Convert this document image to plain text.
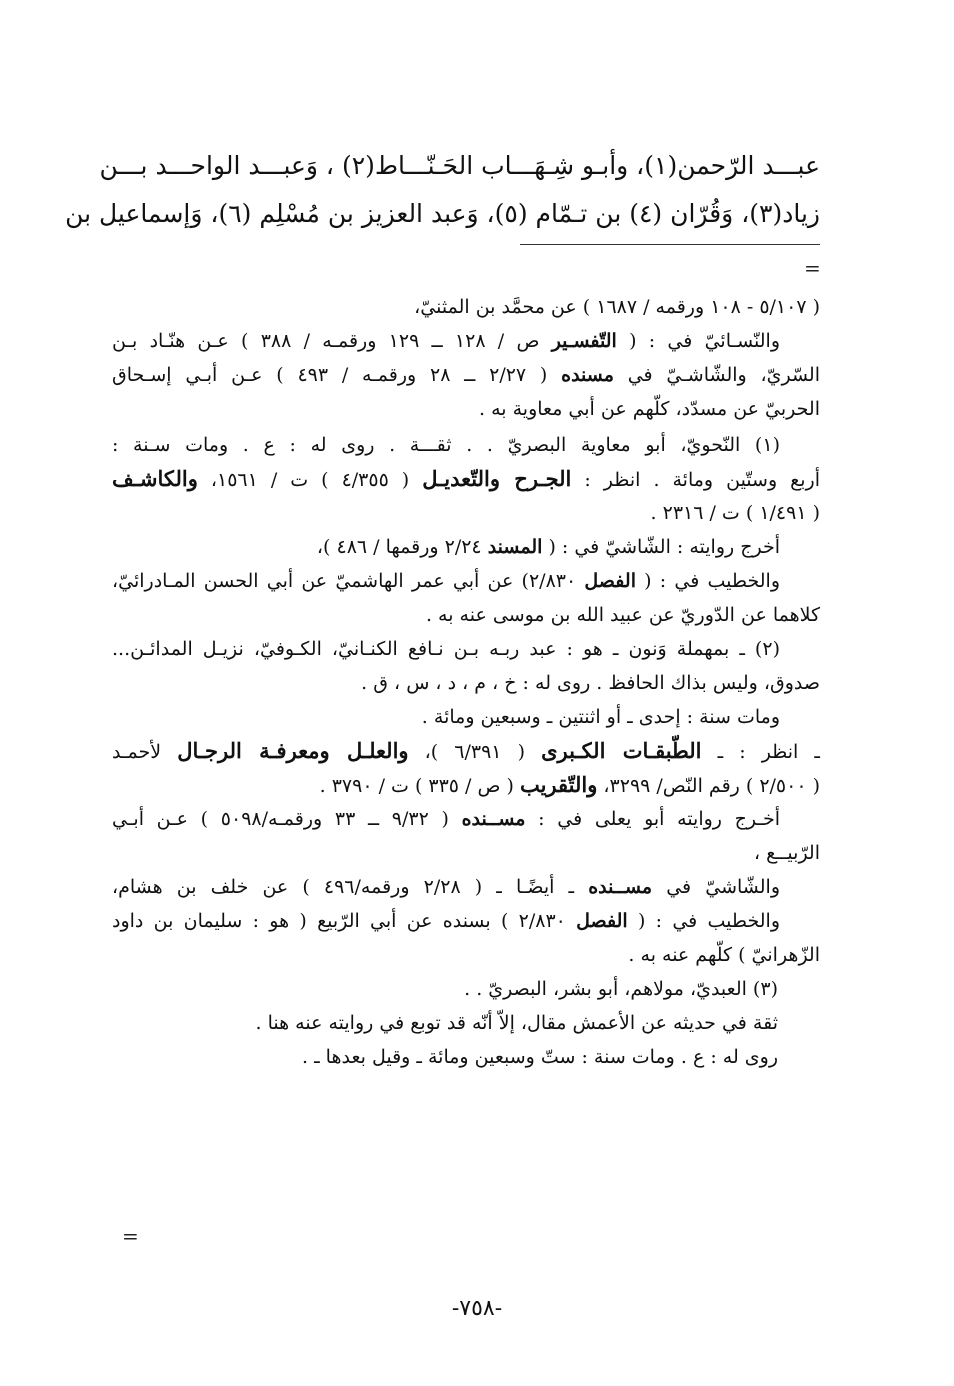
عبـــد الرّحمن(١)، وأبـو شِـهَـــاب الحَـنّـــاط(٢) ، وَعبـــد الواحـــد بـــن
زياد(٣)، وَقُرّان (٤) بن تـمّام (٥)، وَعبد العزيز بن مُسْلِم (٦)، وَإسماعيل بن
=
( ٥/١٠٧ - ١٠٨ ورقمه / ١٦٨٧ ) عن محمَّد بن المثنيّ،
والنّسـائيّ في : ( التّفسـير ص / ١٢٨ ــ ١٢٩ ورقمـه / ٣٨٨ ) عـن هنّـاد بـن
السّريّ، والشّاشـيّ في مسنده ( ٢/٢٧ ــ ٢٨ ورقمـه / ٤٩٣ ) عـن أبـي إسـحاق
الحربيّ عن مسدّد، كلّهم عن أبي معاوية به .
(١) النّحويّ، أبو معاوية البصريّ . . ثقـــة . روى له : ع . ومات سـنة :
أربع وستّين ومائة . انظر : الجـرح والتّعديـل ( ٤/٣٥٥ ) ت / ١٥٦١، والكاشـف
( ١/٤٩١ ) ت / ٢٣١٦ .
أخرج روايته : الشّاشيّ في : ( المسند ٢/٢٤ ورقمها / ٤٨٦ )،
والخطيب في : ( الفصل ٢/٨٣٠) عن أبي عمر الهاشميّ عن أبي الحسن المـادرائيّ،
كلاهما عن الدّوريّ عن عبيد الله بن موسى عنه به .
(٢) ـ بمهملة وَنون ـ هو : عبد ربـه بـن نـافع الكنـانيّ، الكـوفيّ، نزيـل المدائـن...
صدوق، وليس بذاك الحافظ . روى له : خ ، م ، د ، س ، ق .
ومات سنة : إحدى ـ أو اثنتين ـ وسبعين ومائة .
ـ انظر : ـ الطّبقـات الكـبرى ( ٦/٣٩١ )، والعلـل ومعرفـة الرجـال لأحمـد
( ٢/٥٠٠ ) رقم النّص/ ٣٢٩٩، والتّقريب ( ص / ٣٣٥ ) ت / ٣٧٩٠ .
أخـرج روايته أبو يعلى في : مســنده ( ٩/٣٢ ــ ٣٣ ورقمـه/٥٠٩٨ ) عـن أبـي
الرّبيــع ،
والشّاشيّ في مســنده ـ أيضًـا ـ ( ٢/٢٨ ورقمه/٤٩٦ ) عن خلف بن هشام،
والخطيب في : ( الفصل ٢/٨٣٠ ) بسنده عن أبي الرّبيع ( هو : سليمان بن داود
الزّهرانيّ ) كلّهم عنه به .
(٣) العبديّ، مولاهم، أبو بشر، البصريّ . .
ثقة في حديثه عن الأعمش مقال، إلاّ أنّه قد توبع في روايته عنه هنا .
روى له : ع . ومات سنة : ستّ وسبعين ومائة ـ وقيل بعدها ـ .
=
-٧٥٨-
